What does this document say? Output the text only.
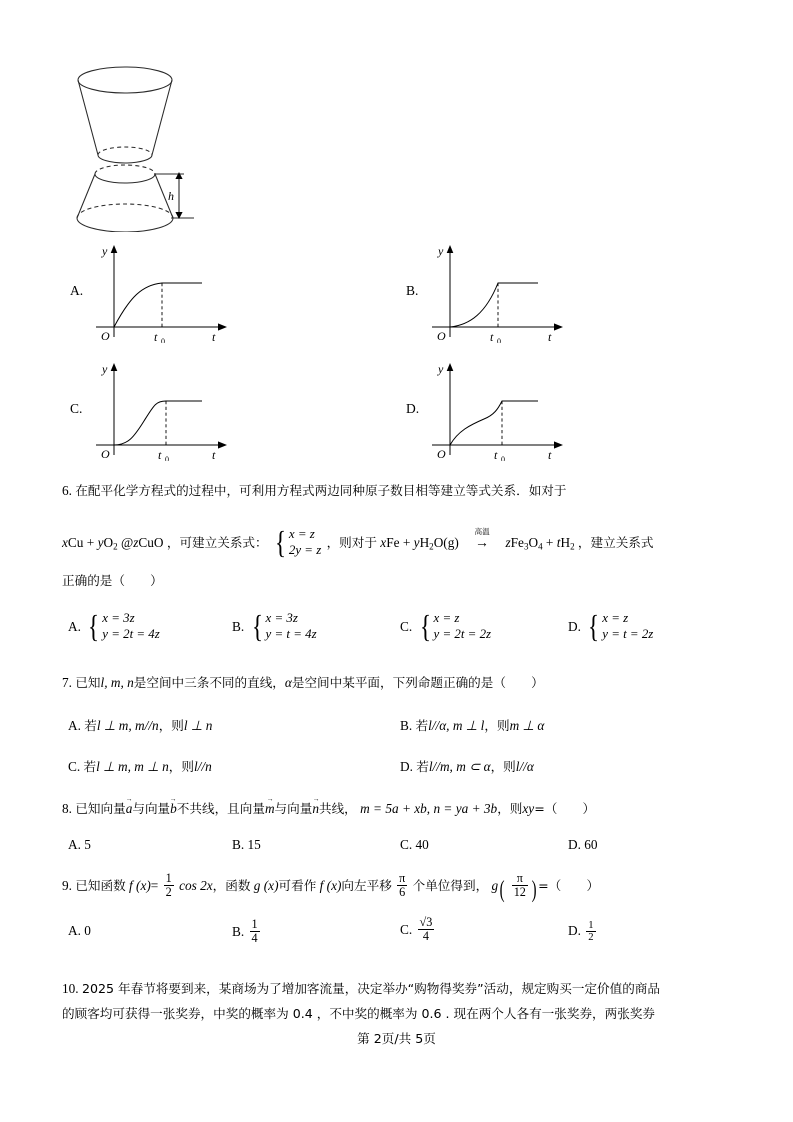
h
A.
y
O	t 0	t
B.
y
O	t 0	t
C.
y
O	t 0	t
D.
y
O	t 0	t
6. 在配平化学方程式的过程中，可利用方程式两边同种原子数目相等建立等式关系．如对于
xCu + $yO_2$ @zCuO ，可建立关系式： { x = z
2y = z ，则对于 xFe + $yH_2O(g)$
高温
→ $zFe_3O_4 + tH_2$ ，建立关系式
正确的是（　　）
A. { x = 3z
y = 2t = 4z	B. { x = 3z
y = t = 4z	C. { x = z
y = 2t = 2z	D. { x = z
y = t = 2z
7. 已知l, m, n是空间中三条不同的直线，α是空间中某平面，下列命题正确的是（　　）
A. 若l ⊥ m, m//n，则l ⊥ n	B. 若l//α, m ⊥ l，则m ⊥ α
C. 若l ⊥ m, m ⊥ n，则l//n	D. 若l//m, m ⊂ α，则l//α
8. 已知向量a →与向量b →不共线，且向量m →与向量n →共线， m = 5a + xb, n = ya + 3b，则xy=（　　）
A. 5	B. 15	C. 40	D. 60
9. 已知函数 f $(x)= \frac{1}{2}$ cos 2x，函数 g (x)可看作 f (x)向左平移 $\frac{\pi}{6}$ 个单位得到， $g( \frac{\pi}{12}$ ) =（　　）
A. 0	B. $\frac{1}{4}$	C. $\frac{√3}{4}$	D. $\frac{1}{2}$
10. 2025 年春节将要到来，某商场为了增加客流量，决定举办“购物得奖券”活动，规定购买一定价值的商品
的顾客均可获得一张奖券，中奖的概率为 0.4 ，不中奖的概率为 0.6 . 现在两个人各有一张奖券，两张奖券
第 2页/共 5页
